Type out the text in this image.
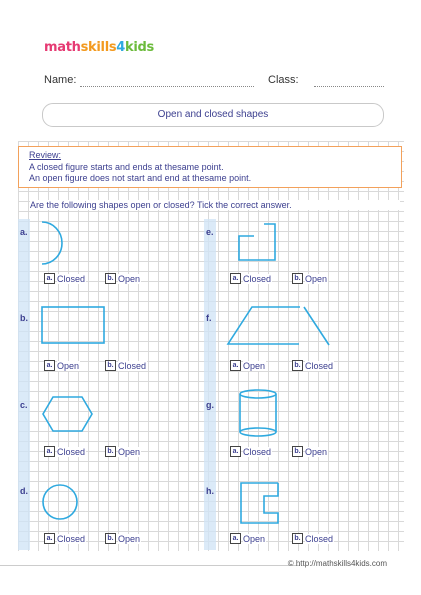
mathskills4kids
Name:	Class:
Open and closed shapes
Review:
A closed figure starts and ends at thesame point.
An open figure does not start and end at thesame point.
Are the following shapes open or closed? Tick the correct answer.
a.
b.
c.
d.
e.
f.
g.
h.
a. Closed	b. Open
a. Open	b. Closed
a. Closed	b. Open
a. Closed	b. Open
a. Closed	b. Open
a. Open	b. Closed
a. Closed	b. Open
a. Open	b. Closed
© http://mathskills4kids.com
